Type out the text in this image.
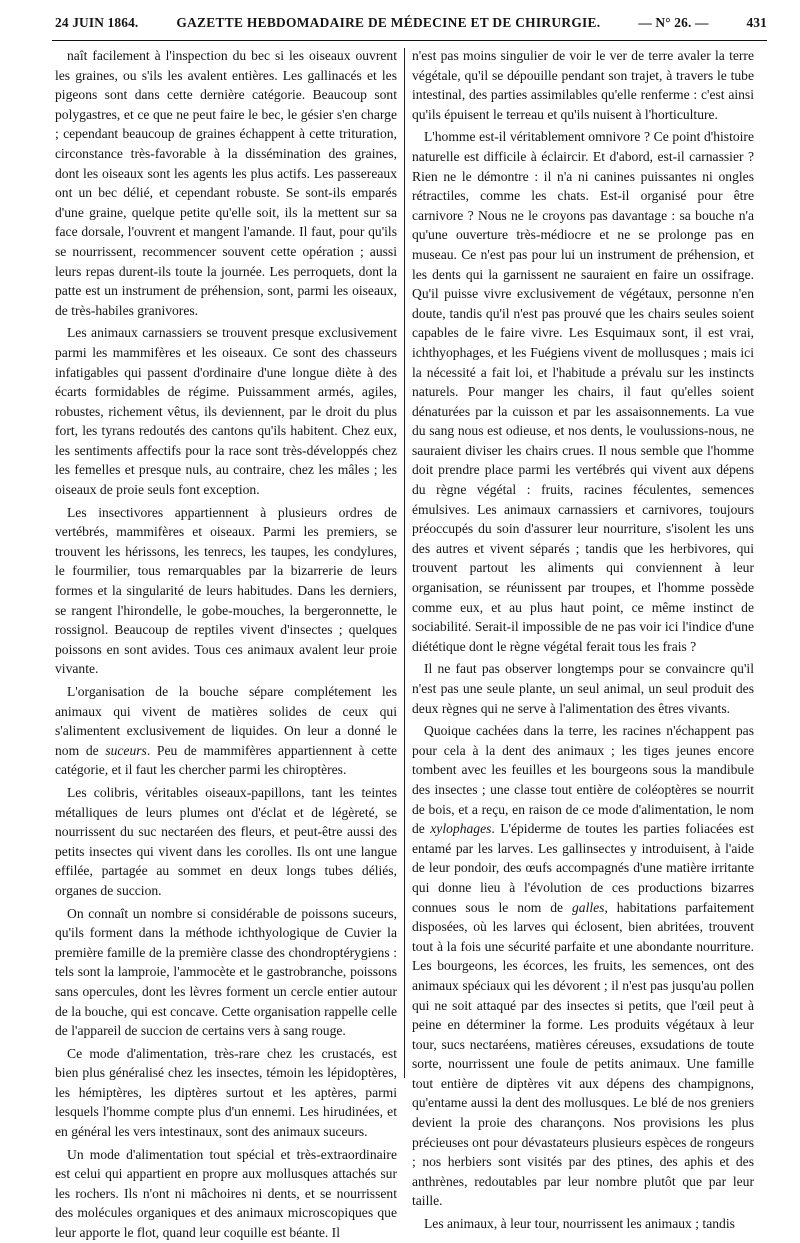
24 JUIN 1864.	GAZETTE HEBDOMADAIRE DE MÉDECINE ET DE CHIRURGIE.	— N° 26. —	431

naît facilement à l'inspection du bec si les oiseaux ouvrent les graines, ou s'ils les avalent entières. Les gallinacés et les pigeons sont dans cette dernière catégorie. Beaucoup sont polygastres, et ce que ne peut faire le bec, le gésier s'en charge ; cependant beaucoup de graines échappent à cette trituration, circonstance très-favorable à la dissémination des graines, dont les oiseaux sont les agents les plus actifs. Les passereaux ont un bec délié, et cependant robuste. Se sont-ils emparés d'une graine, quelque petite qu'elle soit, ils la mettent sur sa face dorsale, l'ouvrent et mangent l'amande. Il faut, pour qu'ils se nourrissent, recommencer souvent cette opération ; aussi leurs repas durent-ils toute la journée. Les perroquets, dont la patte est un instrument de préhension, sont, parmi les oiseaux, de très-habiles granivores.

Les animaux carnassiers se trouvent presque exclusivement parmi les mammifères et les oiseaux. Ce sont des chasseurs infatigables qui passent d'ordinaire d'une longue diète à des écarts formidables de régime. Puissamment armés, agiles, robustes, richement vêtus, ils deviennent, par le droit du plus fort, les tyrans redoutés des cantons qu'ils habitent. Chez eux, les sentiments affectifs pour la race sont très-développés chez les femelles et presque nuls, au contraire, chez les mâles ; les oiseaux de proie seuls font exception.

Les insectivores appartiennent à plusieurs ordres de vertébrés, mammifères et oiseaux. Parmi les premiers, se trouvent les hérissons, les tenrecs, les taupes, les condylures, le fourmilier, tous remarquables par la bizarrerie de leurs formes et la singularité de leurs habitudes. Dans les derniers, se rangent l'hirondelle, le gobe-mouches, la bergeronnette, le rossignol. Beaucoup de reptiles vivent d'insectes ; quelques poissons en sont avides. Tous ces animaux avalent leur proie vivante.

L'organisation de la bouche sépare complétement les animaux qui vivent de matières solides de ceux qui s'alimentent exclusivement de liquides. On leur a donné le nom de suceurs. Peu de mammifères appartiennent à cette catégorie, et il faut les chercher parmi les chiroptères.

Les colibris, véritables oiseaux-papillons, tant les teintes métalliques de leurs plumes ont d'éclat et de légèreté, se nourrissent du suc nectaréen des fleurs, et peut-être aussi des petits insectes qui vivent dans les corolles. Ils ont une langue effilée, partagée au sommet en deux longs tubes déliés, organes de succion.

On connaît un nombre si considérable de poissons suceurs, qu'ils forment dans la méthode ichthyologique de Cuvier la première famille de la première classe des chondroptérygiens : tels sont la lamproie, l'ammocète et le gastrobranche, poissons sans opercules, dont les lèvres forment un cercle entier autour de la bouche, qui est concave. Cette organisation rappelle celle de l'appareil de succion de certains vers à sang rouge.

Ce mode d'alimentation, très-rare chez les crustacés, est bien plus généralisé chez les insectes, témoin les lépidoptères, les hémiptères, les diptères surtout et les aptères, parmi lesquels l'homme compte plus d'un ennemi. Les hirudinées, et en général les vers intestinaux, sont des animaux suceurs.

Un mode d'alimentation tout spécial et très-extraordinaire est celui qui appartient en propre aux mollusques attachés sur les rochers. Ils n'ont ni mâchoires ni dents, et se nourrissent des molécules organiques et des animaux microscopiques que leur apporte le flot, quand leur coquille est béante. Il

n'est pas moins singulier de voir le ver de terre avaler la terre végétale, qu'il se dépouille pendant son trajet, à travers le tube intestinal, des parties assimilables qu'elle renferme : c'est ainsi qu'ils épuisent le terreau et qu'ils nuisent à l'horticulture.

L'homme est-il véritablement omnivore ? Ce point d'histoire naturelle est difficile à éclaircir. Et d'abord, est-il carnassier ? Rien ne le démontre : il n'a ni canines puissantes ni ongles rétractiles, comme les chats. Est-il organisé pour être carnivore ? Nous ne le croyons pas davantage : sa bouche n'a qu'une ouverture très-médiocre et ne se prolonge pas en museau. Ce n'est pas pour lui un instrument de préhension, et les dents qui la garnissent ne sauraient en faire un ossifrage. Qu'il puisse vivre exclusivement de végétaux, personne n'en doute, tandis qu'il n'est pas prouvé que les chairs seules soient capables de le faire vivre. Les Esquimaux sont, il est vrai, ichthyophages, et les Fuégiens vivent de mollusques ; mais ici la nécessité a fait loi, et l'habitude a prévalu sur les instincts naturels. Pour manger les chairs, il faut qu'elles soient dénaturées par la cuisson et par les assaisonnements. La vue du sang nous est odieuse, et nos dents, le voulussions-nous, ne sauraient diviser les chairs crues. Il nous semble que l'homme doit prendre place parmi les vertébrés qui vivent aux dépens du règne végétal : fruits, racines féculentes, semences émulsives. Les animaux carnassiers et carnivores, toujours préoccupés du soin d'assurer leur nourriture, s'isolent les uns des autres et vivent séparés ; tandis que les herbivores, qui trouvent partout les aliments qui conviennent à leur organisation, se réunissent par troupes, et l'homme possède comme eux, et au plus haut point, ce même instinct de sociabilité. Serait-il impossible de ne pas voir ici l'indice d'une diététique dont le règne végétal ferait tous les frais ?

Il ne faut pas observer longtemps pour se convaincre qu'il n'est pas une seule plante, un seul animal, un seul produit des deux règnes qui ne serve à l'alimentation des êtres vivants.

Quoique cachées dans la terre, les racines n'échappent pas pour cela à la dent des animaux ; les tiges jeunes encore tombent avec les feuilles et les bourgeons sous la mandibule des insectes ; une classe tout entière de coléoptères se nourrit de bois, et a reçu, en raison de ce mode d'alimentation, le nom de xylophages. L'épiderme de toutes les parties foliacées est entamé par les larves. Les gallinsectes y introduisent, à l'aide de leur pondoir, des œufs accompagnés d'une matière irritante qui donne lieu à l'évolution de ces productions bizarres connues sous le nom de galles, habitations parfaitement disposées, où les larves qui éclosent, bien abritées, trouvent tout à la fois une sécurité parfaite et une abondante nourriture. Les bourgeons, les écorces, les fruits, les semences, ont des animaux spéciaux qui les dévorent ; il n'est pas jusqu'au pollen qui ne soit attaqué par des insectes si petits, que l'œil peut à peine en déterminer la forme. Les produits végétaux à leur tour, sucs nectaréens, matières céreuses, exsudations de toute sorte, nourrissent une foule de petits animaux. Une famille tout entière de diptères vit aux dépens des champignons, qu'entame aussi la dent des mollusques. Le blé de nos greniers devient la proie des charançons. Nos provisions les plus précieuses ont pour dévastateurs plusieurs espèces de rongeurs ; nos herbiers sont visités par des ptines, des aphis et des anthrènes, redoutables par leur nombre plutôt que par leur taille.

Les animaux, à leur tour, nourrissent les animaux ; tandis
